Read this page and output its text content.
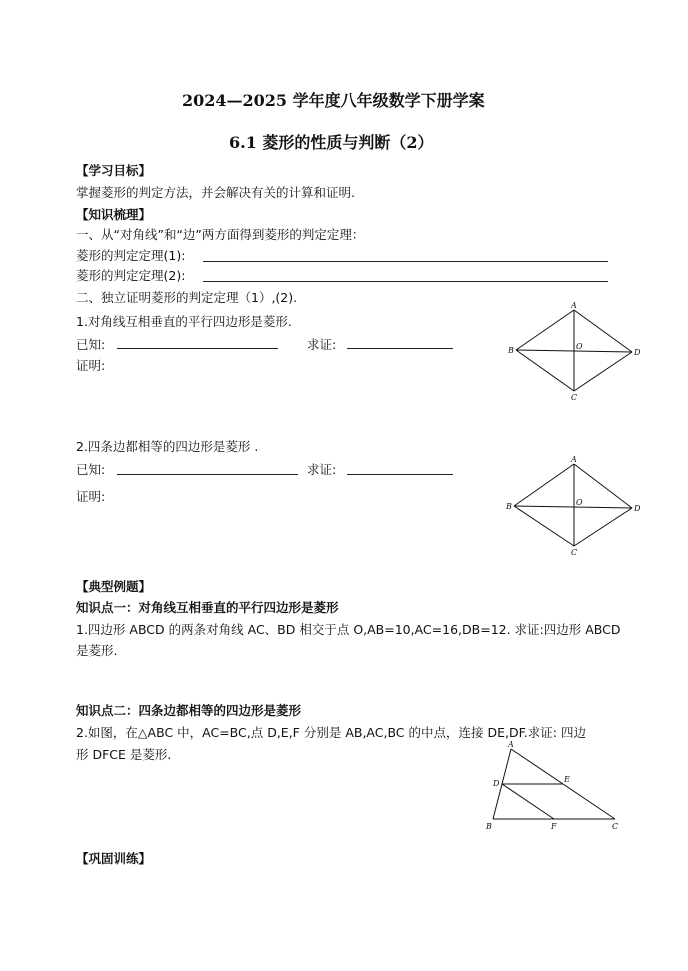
2024—2025 学年度八年级数学下册学案
6.1 菱形的性质与判断（2）
【学习目标】
掌握菱形的判定方法，并会解决有关的计算和证明.
【知识梳理】
一、从“对角线”和“边”两方面得到菱形的判定定理：
菱形的判定定理(1):
菱形的判定定理(2):
二、独立证明菱形的判定定理（1）,(2).
1.对角线互相垂直的平行四边形是菱形.
已知:	求证:
证明:
A
B
C
D
O
2.四条边都相等的四边形是菱形 .
已知:	求证:
证明:
A
B
C
D
O
【典型例题】
知识点一：对角线互相垂直的平行四边形是菱形
1.四边形 ABCD 的两条对角线 AC、BD 相交于点 O,AB=10,AC=16,DB=12. 求证:四边形 ABCD
是菱形.
知识点二：四条边都相等的四边形是菱形
2.如图，在△ABC 中，AC=BC,点 D,E,F 分别是 AB,AC,BC 的中点，连接 DE,DF.求证: 四边
形 DFCE 是菱形.
A
B	C
D	E
F
【巩固训练】
